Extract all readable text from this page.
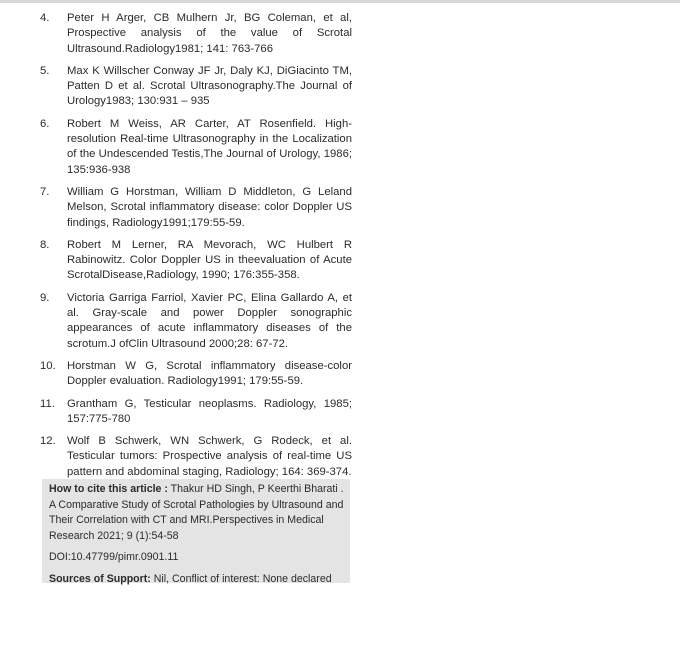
4.	Peter H Arger, CB Mulhern Jr, BG Coleman, et al, Prospective analysis of the value of Scrotal Ultrasound.Radiology1981; 141: 763-766
5.	Max K Willscher Conway JF Jr, Daly KJ, DiGiacinto TM, Patten D et al. Scrotal Ultrasonography.The Journal of Urology1983; 130:931 – 935
6.	Robert M Weiss, AR Carter, AT Rosenfield. High-resolution Real-time Ultrasonography in the Localization of the Undescended Testis,The Journal of Urology, 1986; 135:936-938
7.	William G Horstman, William D Middleton, G Leland Melson, Scrotal inflammatory disease: color Doppler US findings, Radiology1991;179:55-59.
8.	Robert M Lerner, RA Mevorach, WC Hulbert R Rabinowitz. Color Doppler US in theevaluation of Acute ScrotalDisease,Radiology, 1990; 176:355-358.
9.	Victoria Garriga Farriol, Xavier PC, Elina Gallardo A, et al. Gray-scale and power Doppler sonographic appearances of acute inflammatory diseases of the scrotum.J ofClin Ultrasound 2000;28: 67-72.
10. Horstman W G, Scrotal inflammatory disease-color Doppler evaluation. Radiology1991; 179:55-59.
11.	Grantham G, Testicular neoplasms. Radiology, 1985; 157:775-780
12. Wolf B Schwerk, WN Schwerk, G Rodeck, et al. Testicular tumors: Prospective analysis of real-time US pattern and abdominal staging, Radiology; 164: 369-374.

How to cite this article : Thakur HD Singh, P Keerthi Bharati . A Comparative Study of Scrotal Pathologies by Ultrasound and Their Correlation with CT and MRI.Perspectives in Medical Research 2021; 9 (1):54-58

DOI:10.47799/pimr.0901.11

Sources of Support: Nil, Conflict of interest: None declared
